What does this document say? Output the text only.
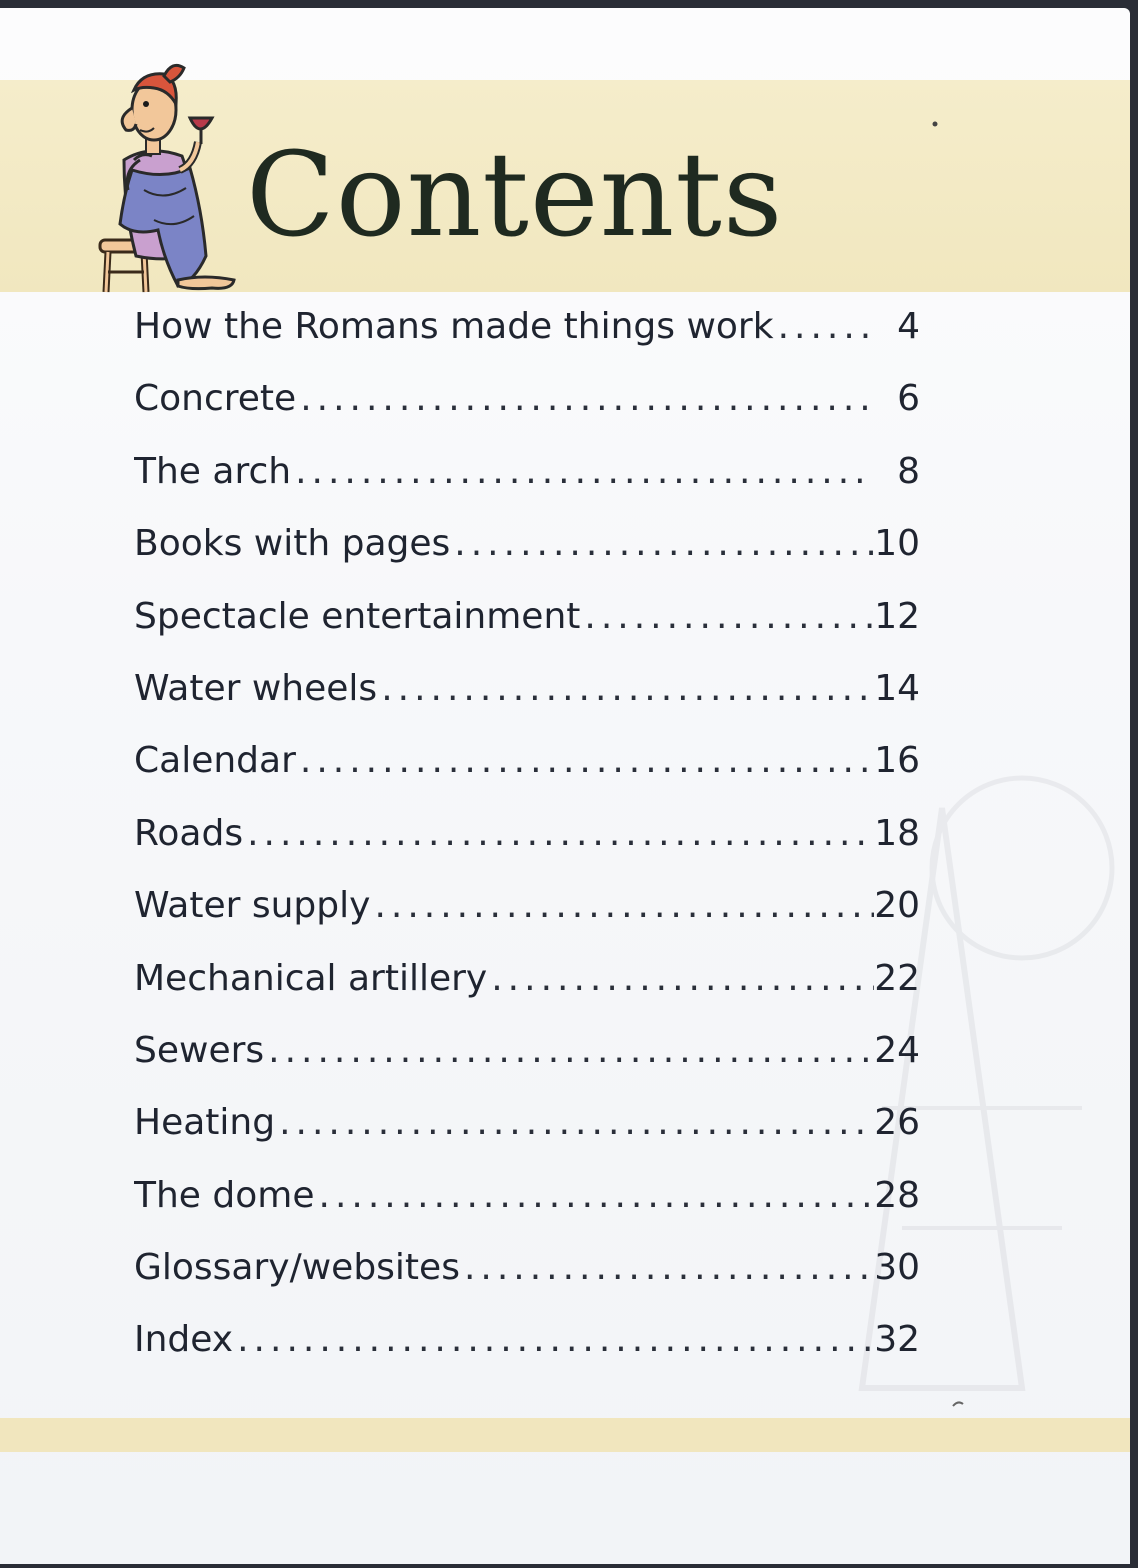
Contents
How the Romans made things work .....	4
Concrete .....	6
The arch .....	8
Books with pages .....	10
Spectacle entertainment .....	12
Water wheels .....	14
Calendar .....	16
Roads .....	18
Water supply .....	20
Mechanical artillery .....	22
Sewers .....	24
Heating .....	26
The dome .....	28
Glossary/websites .....	30
Index .....	32
